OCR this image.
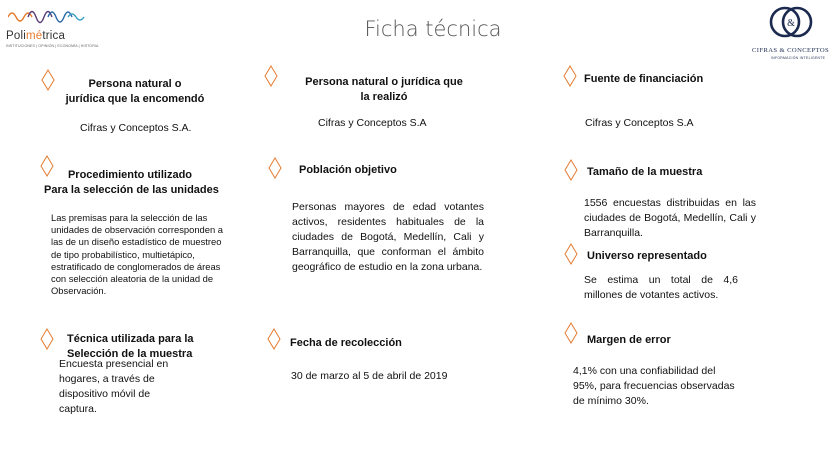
Polimétrica
INSTITUCIONES | OPINIÓN | ECONOMÍA | HISTORIA
&
CIFRAS & CONCEPTOS
INFORMACIÓN INTELIGENTE
Ficha técnica
Persona natural o
jurídica que la encomendó
Cifras y Conceptos S.A.
Persona natural o jurídica que
la realizó
Cifras y Conceptos S.A
Fuente de financiación
Cifras y Conceptos S.A
Procedimiento utilizado
Para la selección de las unidades
Las premisas para la selección de las unidades de observación corresponden a las de un diseño estadístico de muestreo de tipo probabilístico, multietápico, estratificado de conglomerados de áreas con selección aleatoria de la unidad de Observación.
Población objetivo
Personas mayores de edad votantes activos, residentes habituales de la ciudades de Bogotá, Medellín, Cali y Barranquilla, que conforman el ámbito geográfico de estudio en la zona urbana.
Tamaño de la muestra
1556 encuestas distribuidas en las ciudades de Bogotá, Medellín, Cali y Barranquilla.
Universo representado
Se estima un total de 4,6 millones de votantes activos.
Técnica utilizada para la
Selección de la muestra
Encuesta presencial en hogares, a través de dispositivo móvil de captura.
Fecha de recolección
30 de marzo al 5 de abril de 2019
Margen de error
4,1% con una confiabilidad del 95%, para frecuencias observadas de mínimo 30%.
